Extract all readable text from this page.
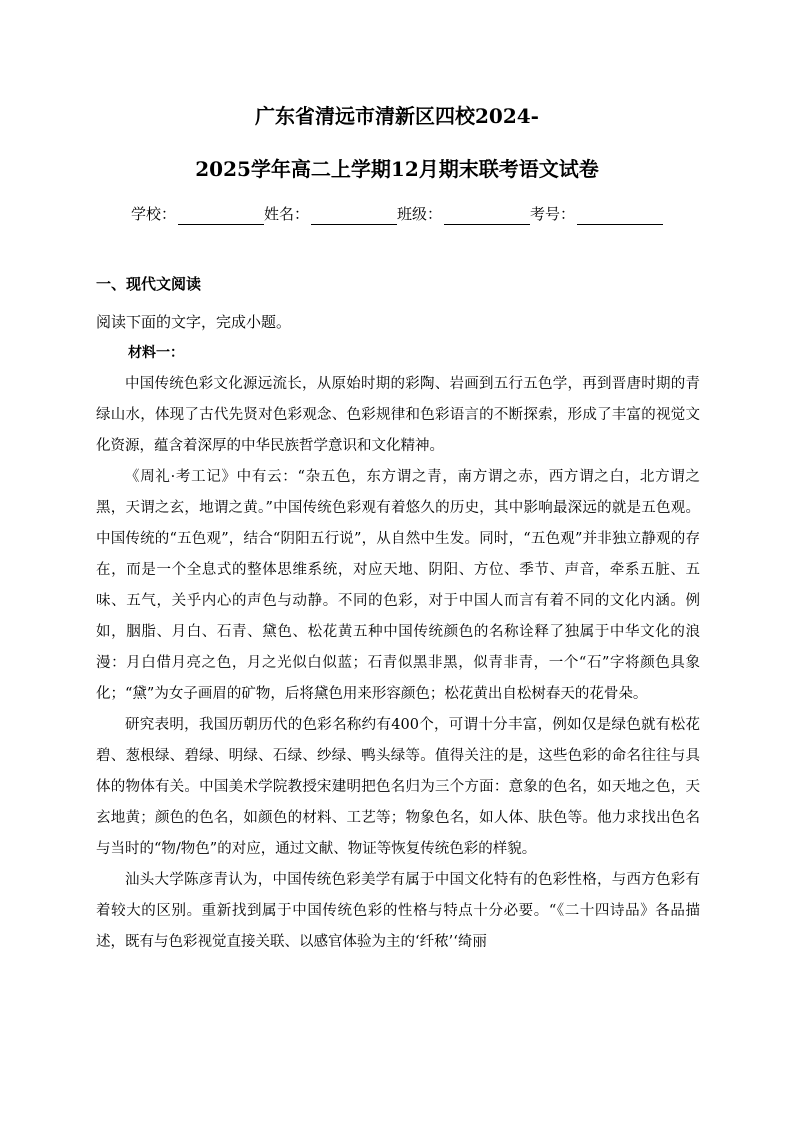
广东省清远市清新区四校2024-
2025学年高二上学期12月期末联考语文试卷
学校：	姓名：	班级：	考号：
一、现代文阅读
阅读下面的文字，完成小题。
材料一：

中国传统色彩文化源远流长，从原始时期的彩陶、岩画到五行五色学，再到晋唐时期的青绿山水，体现了古代先贤对色彩观念、色彩规律和色彩语言的不断探索，形成了丰富的视觉文化资源，蕴含着深厚的中华民族哲学意识和文化精神。

《周礼·考工记》中有云：“杂五色，东方谓之青，南方谓之赤，西方谓之白，北方谓之黑，天谓之玄，地谓之黄。”中国传统色彩观有着悠久的历史，其中影响最深远的就是五色观。中国传统的“五色观”，结合“阴阳五行说”，从自然中生发。同时，“五色观”并非独立静观的存在，而是一个全息式的整体思维系统，对应天地、阴阳、方位、季节、声音，牵系五脏、五味、五气，关乎内心的声色与动静。不同的色彩，对于中国人而言有着不同的文化内涵。例如，胭脂、月白、石青、黛色、松花黄五种中国传统颜色的名称诠释了独属于中华文化的浪漫：月白借月亮之色，月之光似白似蓝；石青似黑非黑，似青非青，一个“石”字将颜色具象化；“黛”为女子画眉的矿物，后将黛色用来形容颜色；松花黄出自松树春天的花骨朵。

研究表明，我国历朝历代的色彩名称约有400个，可谓十分丰富，例如仅是绿色就有松花碧、葱根绿、碧绿、明绿、石绿、纱绿、鸭头绿等。值得关注的是，这些色彩的命名往往与具体的物体有关。中国美术学院教授宋建明把色名归为三个方面：意象的色名，如天地之色，天玄地黄；颜色的色名，如颜色的材料、工艺等；物象色名，如人体、肤色等。他力求找出色名与当时的“物/物色”的对应，通过文献、物证等恢复传统色彩的样貌。

汕头大学陈彦青认为，中国传统色彩美学有属于中国文化特有的色彩性格，与西方色彩有着较大的区别。重新找到属于中国传统色彩的性格与特点十分必要。“《二十四诗品》各品描述，既有与色彩视觉直接关联、以感官体验为主的‘纤秾’‘绮丽
